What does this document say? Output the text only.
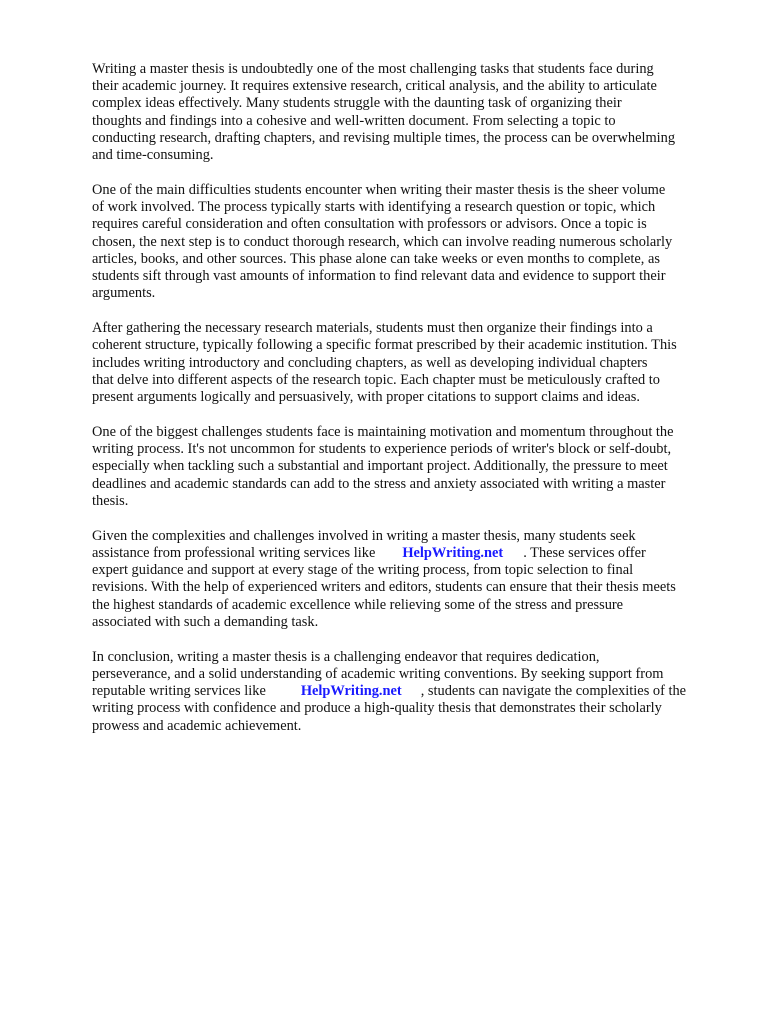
Writing a master thesis is undoubtedly one of the most challenging tasks that students face during
their academic journey. It requires extensive research, critical analysis, and the ability to articulate
complex ideas effectively. Many students struggle with the daunting task of organizing their
thoughts and findings into a cohesive and well-written document. From selecting a topic to
conducting research, drafting chapters, and revising multiple times, the process can be overwhelming
and time-consuming.

One of the main difficulties students encounter when writing their master thesis is the sheer volume
of work involved. The process typically starts with identifying a research question or topic, which
requires careful consideration and often consultation with professors or advisors. Once a topic is
chosen, the next step is to conduct thorough research, which can involve reading numerous scholarly
articles, books, and other sources. This phase alone can take weeks or even months to complete, as
students sift through vast amounts of information to find relevant data and evidence to support their
arguments.

After gathering the necessary research materials, students must then organize their findings into a
coherent structure, typically following a specific format prescribed by their academic institution. This
includes writing introductory and concluding chapters, as well as developing individual chapters
that delve into different aspects of the research topic. Each chapter must be meticulously crafted to
present arguments logically and persuasively, with proper citations to support claims and ideas.

One of the biggest challenges students face is maintaining motivation and momentum throughout the
writing process. It's not uncommon for students to experience periods of writer's block or self-doubt,
especially when tackling such a substantial and important project. Additionally, the pressure to meet
deadlines and academic standards can add to the stress and anxiety associated with writing a master
thesis.

Given the complexities and challenges involved in writing a master thesis, many students seek
assistance from professional writing services like HelpWriting.net . These services offer
expert guidance and support at every stage of the writing process, from topic selection to final
revisions. With the help of experienced writers and editors, students can ensure that their thesis meets
the highest standards of academic excellence while relieving some of the stress and pressure
associated with such a demanding task.

In conclusion, writing a master thesis is a challenging endeavor that requires dedication,
perseverance, and a solid understanding of academic writing conventions. By seeking support from
reputable writing services like HelpWriting.net , students can navigate the complexities of the
writing process with confidence and produce a high-quality thesis that demonstrates their scholarly
prowess and academic achievement.
